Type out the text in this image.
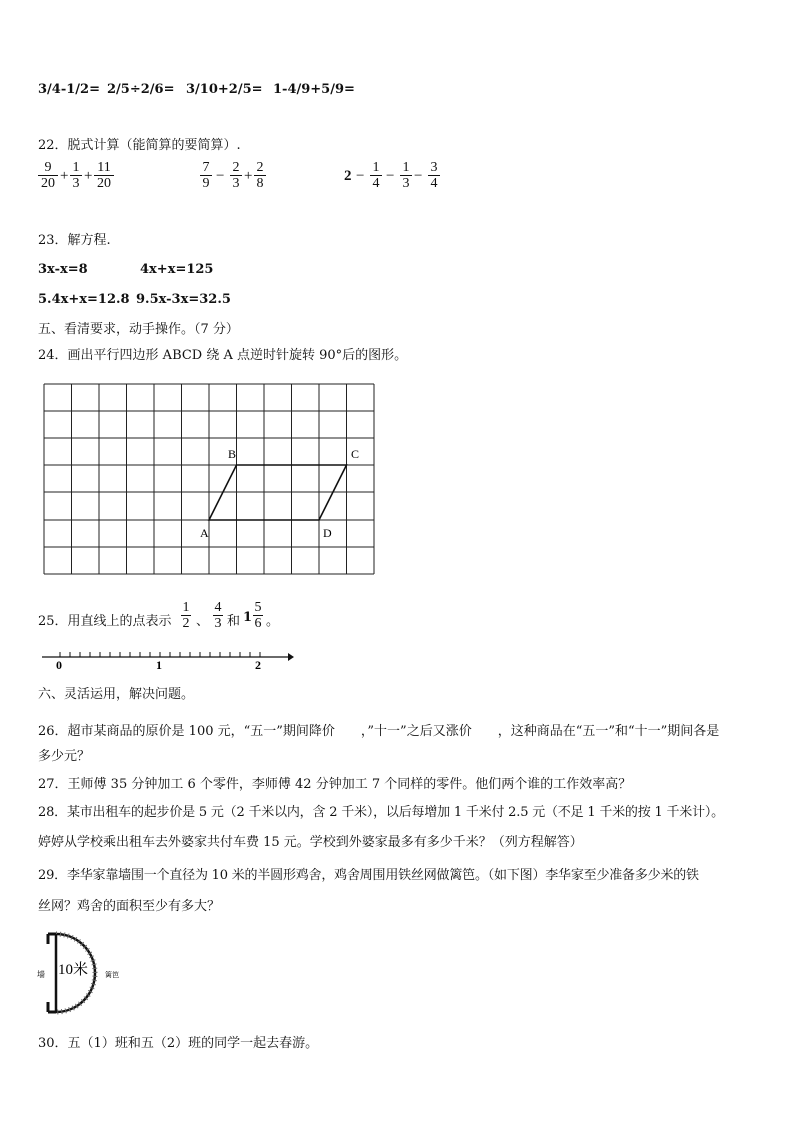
3/4-1/2= 2/5÷2/6= 3/10+2/5= 1-4/9+5/9=
22．脱式计算（能简算的要简算）.
$\frac{9}{20} + \frac{1}{3} + \frac{11}{20}$	$\frac{7}{9} - \frac{2}{3} + \frac{2}{8}$	$2 - \frac{1}{4} - \frac{1}{3} - \frac{3}{4}$
23．解方程.
3x-x=8	4x+x=125
5.4x+x=12.8 9.5x-3x=32.5
五、看清要求，动手操作。（7 分）
24．画出平行四边形 ABCD 绕 A 点逆时针旋转 90°后的图形。
B	C
A	D
25．用直线上的点表示 $\frac{1}{2}$ 、 $\frac{4}{3}$ 和 $1 \frac{5}{6}$ 。
0	1	2
六、灵活运用，解决问题。
26．超市某商品的原价是 100 元，“五一”期间降价　　，”十一”之后又涨价　　，这种商品在“五一”和“十一”期间各是
多少元？
27．王师傅 35 分钟加工 6 个零件，李师傅 42 分钟加工 7 个同样的零件。他们两个谁的工作效率高？
28．某市出租车的起步价是 5 元（2 千米以内，含 2 千米），以后每增加 1 千米付 2.5 元（不足 1 千米的按 1 千米计）。
婷婷从学校乘出租车去外婆家共付车费 15 元。学校到外婆家最多有多少千米？（列方程解答）
29．李华家靠墙围一个直径为 10 米的半圆形鸡舍，鸡舍周围用铁丝网做篱笆。（如下图）李华家至少准备多少米的铁
丝网？鸡舍的面积至少有多大？
墙 10米 篱笆
30．五（1）班和五（2）班的同学一起去春游。
